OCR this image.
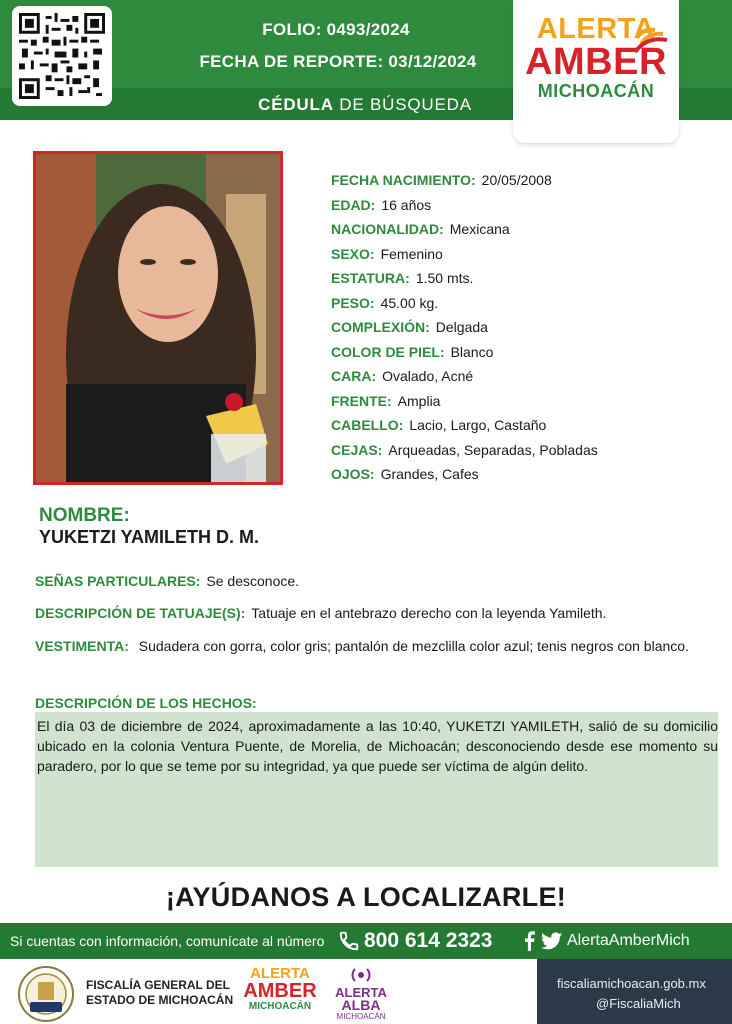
FOLIO: 0493/2024
FECHA DE REPORTE: 03/12/2024
CÉDULA DE BÚSQUEDA
ALERTA
AMBER
MICHOACÁN
FECHA NACIMIENTO: 20/05/2008
EDAD: 16 años
NACIONALIDAD: Mexicana
SEXO: Femenino
ESTATURA: 1.50 mts.
PESO: 45.00 kg.
COMPLEXIÓN: Delgada
COLOR DE PIEL: Blanco
CARA: Ovalado, Acné
FRENTE: Amplia
CABELLO: Lacio, Largo, Castaño
CEJAS: Arqueadas, Separadas, Pobladas
OJOS: Grandes, Cafes
NOMBRE:
YUKETZI YAMILETH D. M.
SEÑAS PARTICULARES: Se desconoce.
DESCRIPCIÓN DE TATUAJE(S): Tatuaje en el antebrazo derecho con la leyenda Yamileth.
VESTIMENTA: Sudadera con gorra, color gris; pantalón de mezclilla color azul; tenis negros con blanco.
DESCRIPCIÓN DE LOS HECHOS:
El día 03 de diciembre de 2024, aproximadamente a las 10:40, YUKETZI YAMILETH, salió de su domicilio ubicado en la colonia Ventura Puente, de Morelia, de Michoacán; desconociendo desde ese momento su paradero, por lo que se teme por su integridad, ya que puede ser víctima de algún delito.
¡AYÚDANOS A LOCALIZARLE!
Si cuentas con información, comunícate al número 800 614 2323	AlertaAmberMich
FISCALÍA GENERAL DEL
ESTADO DE MICHOACÁN
ALERTA
AMBER
MICHOACÁN
ALERTA
ALBA
MICHOACÁN
fiscaliamichoacan.gob.mx
@FiscaliaMich
